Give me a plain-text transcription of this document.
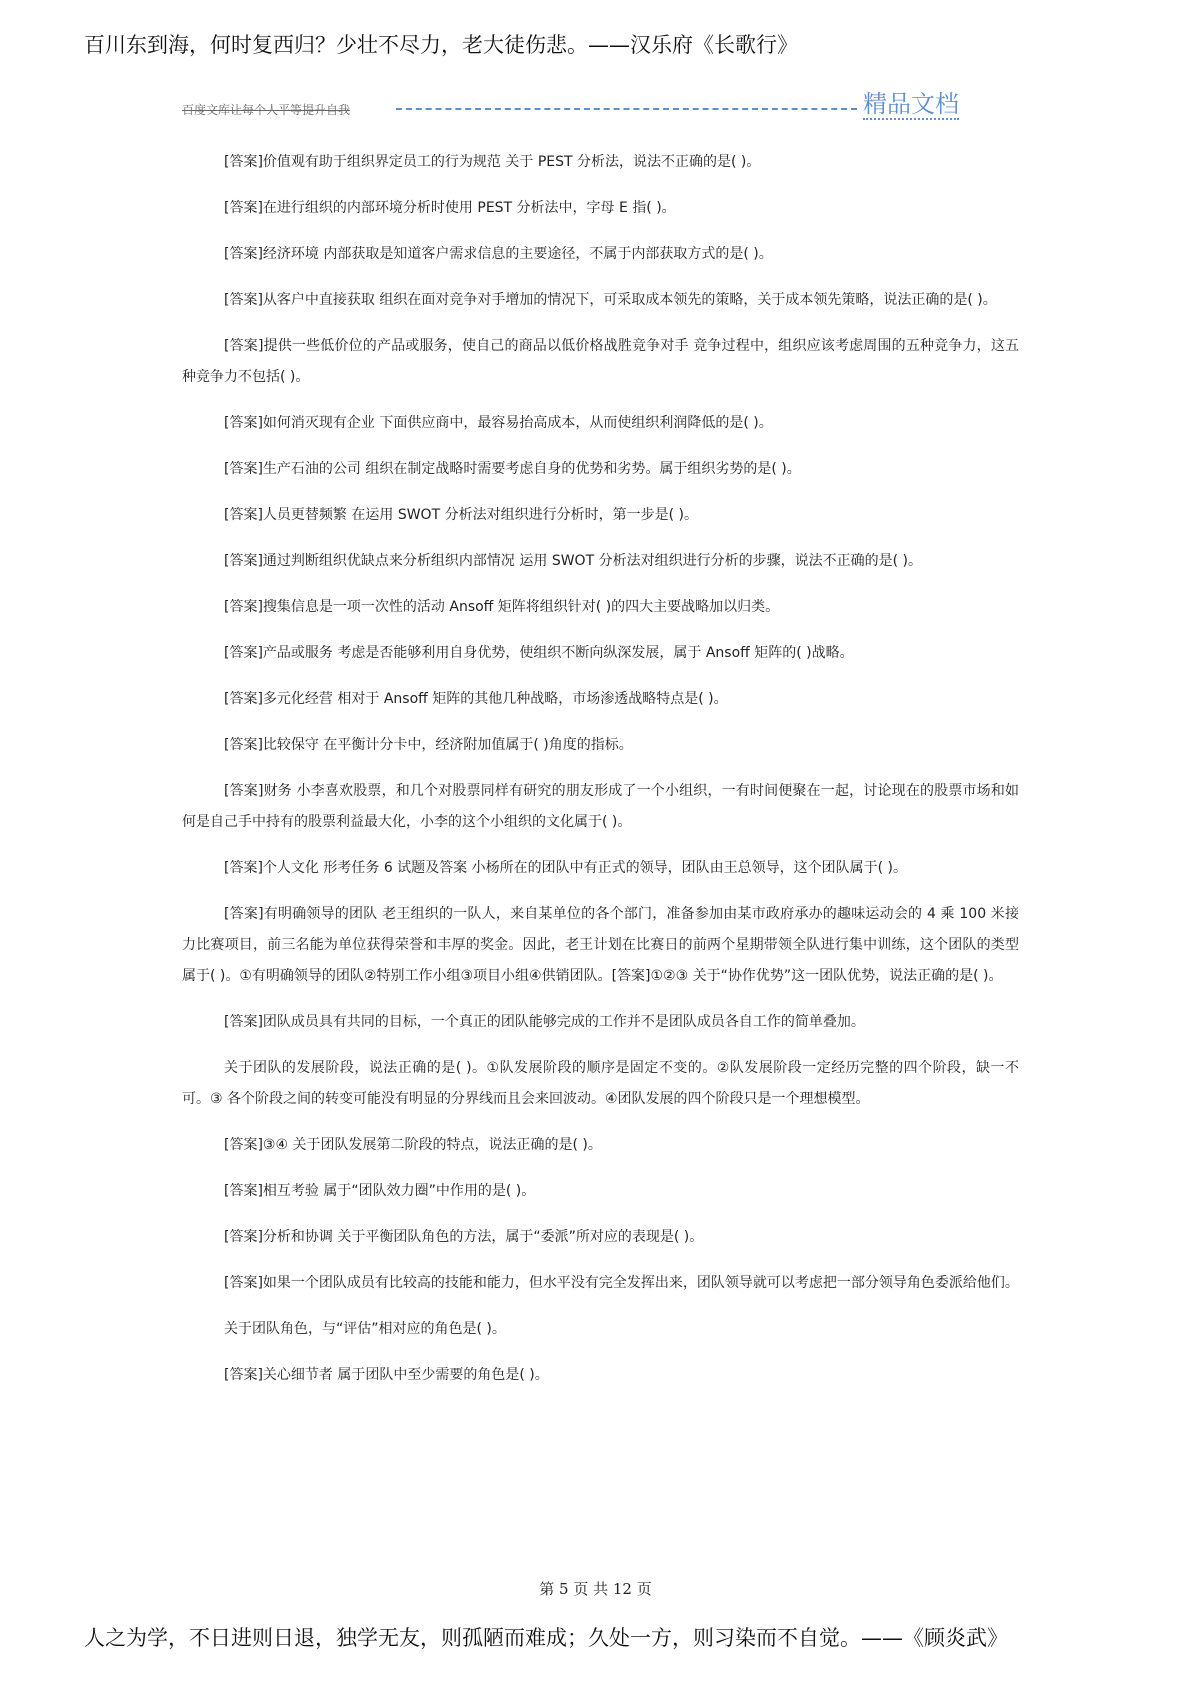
百川东到海，何时复西归？少壮不尽力，老大徒伤悲。——汉乐府《长歌行》
百度文库让每个人平等提升自我	精品文档

[答案]价值观有助于组织界定员工的行为规范 关于 PEST 分析法，说法不正确的是( )。

[答案]在进行组织的内部环境分析时使用 PEST 分析法中，字母 E 指( )。

[答案]经济环境 内部获取是知道客户需求信息的主要途径，不属于内部获取方式的是( )。

[答案]从客户中直接获取 组织在面对竞争对手增加的情况下，可采取成本领先的策略，关于成本领先策略，说法正确的是( )。

[答案]提供一些低价位的产品或服务，使自己的商品以低价格战胜竞争对手 竞争过程中，组织应该考虑周围的五种竞争力，这五种竞争力不包括( )。

[答案]如何消灭现有企业 下面供应商中，最容易抬高成本，从而使组织利润降低的是( )。

[答案]生产石油的公司 组织在制定战略时需要考虑自身的优势和劣势。属于组织劣势的是( )。

[答案]人员更替频繁 在运用 SWOT 分析法对组织进行分析时，第一步是( )。

[答案]通过判断组织优缺点来分析组织内部情况 运用 SWOT 分析法对组织进行分析的步骤，说法不正确的是( )。

[答案]搜集信息是一项一次性的活动 Ansoff 矩阵将组织针对( )的四大主要战略加以归类。

[答案]产品或服务 考虑是否能够利用自身优势，使组织不断向纵深发展，属于 Ansoff 矩阵的( )战略。

[答案]多元化经营 相对于 Ansoff 矩阵的其他几种战略，市场渗透战略特点是( )。

[答案]比较保守 在平衡计分卡中，经济附加值属于( )角度的指标。

[答案]财务 小李喜欢股票，和几个对股票同样有研究的朋友形成了一个小组织，一有时间便聚在一起，讨论现在的股票市场和如何是自己手中持有的股票利益最大化，小李的这个小组织的文化属于( )。

[答案]个人文化 形考任务 6 试题及答案 小杨所在的团队中有正式的领导，团队由王总领导，这个团队属于( )。

[答案]有明确领导的团队 老王组织的一队人，来自某单位的各个部门，准备参加由某市政府承办的趣味运动会的 4 乘 100 米接力比赛项目，前三名能为单位获得荣誉和丰厚的奖金。因此，老王计划在比赛日的前两个星期带领全队进行集中训练，这个团队的类型属于( )。①有明确领导的团队②特别工作小组③项目小组④供销团队。[答案]①②③ 关于“协作优势”这一团队优势，说法正确的是( )。

[答案]团队成员具有共同的目标，一个真正的团队能够完成的工作并不是团队成员各自工作的简单叠加。

关于团队的发展阶段，说法正确的是( )。①队发展阶段的顺序是固定不变的。②队发展阶段一定经历完整的四个阶段，缺一不可。③ 各个阶段之间的转变可能没有明显的分界线而且会来回波动。④团队发展的四个阶段只是一个理想模型。

[答案]③④ 关于团队发展第二阶段的特点，说法正确的是( )。

[答案]相互考验 属于“团队效力圈”中作用的是( )。

[答案]分析和协调 关于平衡团队角色的方法，属于“委派”所对应的表现是( )。

[答案]如果一个团队成员有比较高的技能和能力，但水平没有完全发挥出来，团队领导就可以考虑把一部分领导角色委派给他们。

关于团队角色，与“评估”相对应的角色是( )。

[答案]关心细节者 属于团队中至少需要的角色是( )。

第 5 页 共 12 页
人之为学，不日进则日退，独学无友，则孤陋而难成；久处一方，则习染而不自觉。——《顾炎武》
